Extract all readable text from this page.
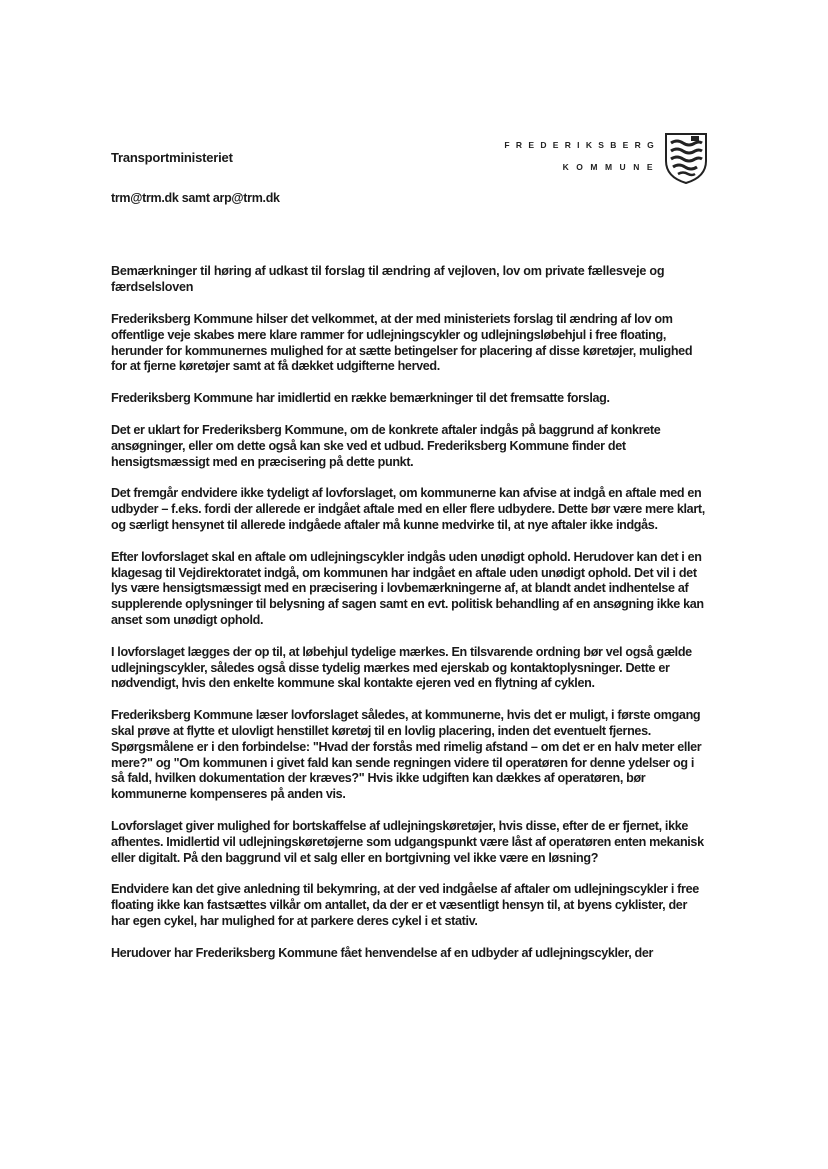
Transportministeriet
trm@trm.dk samt arp@trm.dk
FREDERIKSBERG
KOMMUNE
Bemærkninger til høring af udkast til forslag til ændring af vejloven, lov om private fællesveje og færdselsloven

Frederiksberg Kommune hilser det velkommet, at der med ministeriets forslag til ændring af lov om offentlige veje skabes mere klare rammer for udlejningscykler og udlejningsløbehjul i free floating, herunder for kommunernes mulighed for at sætte betingelser for placering af disse køretøjer, mulighed for at fjerne køretøjer samt at få dækket udgifterne herved.

Frederiksberg Kommune har imidlertid en række bemærkninger til det fremsatte forslag.

Det er uklart for Frederiksberg Kommune, om de konkrete aftaler indgås på baggrund af konkrete ansøgninger, eller om dette også kan ske ved et udbud. Frederiksberg Kommune finder det hensigtsmæssigt med en præcisering på dette punkt.

Det fremgår endvidere ikke tydeligt af lovforslaget, om kommunerne kan afvise at indgå en aftale med en udbyder – f.eks. fordi der allerede er indgået aftale med en eller flere udbydere. Dette bør være mere klart, og særligt hensynet til allerede indgåede aftaler må kunne medvirke til, at nye aftaler ikke indgås.

Efter lovforslaget skal en aftale om udlejningscykler indgås uden unødigt ophold. Herudover kan det i en klagesag til Vejdirektoratet indgå, om kommunen har indgået en aftale uden unødigt ophold. Det vil i det lys være hensigtsmæssigt med en præcisering i lovbemærkningerne af, at blandt andet indhentelse af supplerende oplysninger til belysning af sagen samt en evt. politisk behandling af en ansøgning ikke kan anset som unødigt ophold.

I lovforslaget lægges der op til, at løbehjul tydelige mærkes. En tilsvarende ordning bør vel også gælde udlejningscykler, således også disse tydelig mærkes med ejerskab og kontaktoplysninger. Dette er nødvendigt, hvis den enkelte kommune skal kontakte ejeren ved en flytning af cyklen.

Frederiksberg Kommune læser lovforslaget således, at kommunerne, hvis det er muligt, i første omgang skal prøve at flytte et ulovligt henstillet køretøj til en lovlig placering, inden det eventuelt fjernes. Spørgsmålene er i den forbindelse: "Hvad der forstås med rimelig afstand – om det er en halv meter eller mere?" og "Om kommunen i givet fald kan sende regningen videre til operatøren for denne ydelser og i så fald, hvilken dokumentation der kræves?" Hvis ikke udgiften kan dækkes af operatøren, bør kommunerne kompenseres på anden vis.

Lovforslaget giver mulighed for bortskaffelse af udlejningskøretøjer, hvis disse, efter de er fjernet, ikke afhentes. Imidlertid vil udlejningskøretøjerne som udgangspunkt være låst af operatøren enten mekanisk eller digitalt. På den baggrund vil et salg eller en bortgivning vel ikke være en løsning?

Endvidere kan det give anledning til bekymring, at der ved indgåelse af aftaler om udlejningscykler i free floating ikke kan fastsættes vilkår om antallet, da der er et væsentligt hensyn til, at byens cyklister, der har egen cykel, har mulighed for at parkere deres cykel i et stativ.

Herudover har Frederiksberg Kommune fået henvendelse af en udbyder af udlejningscykler, der
